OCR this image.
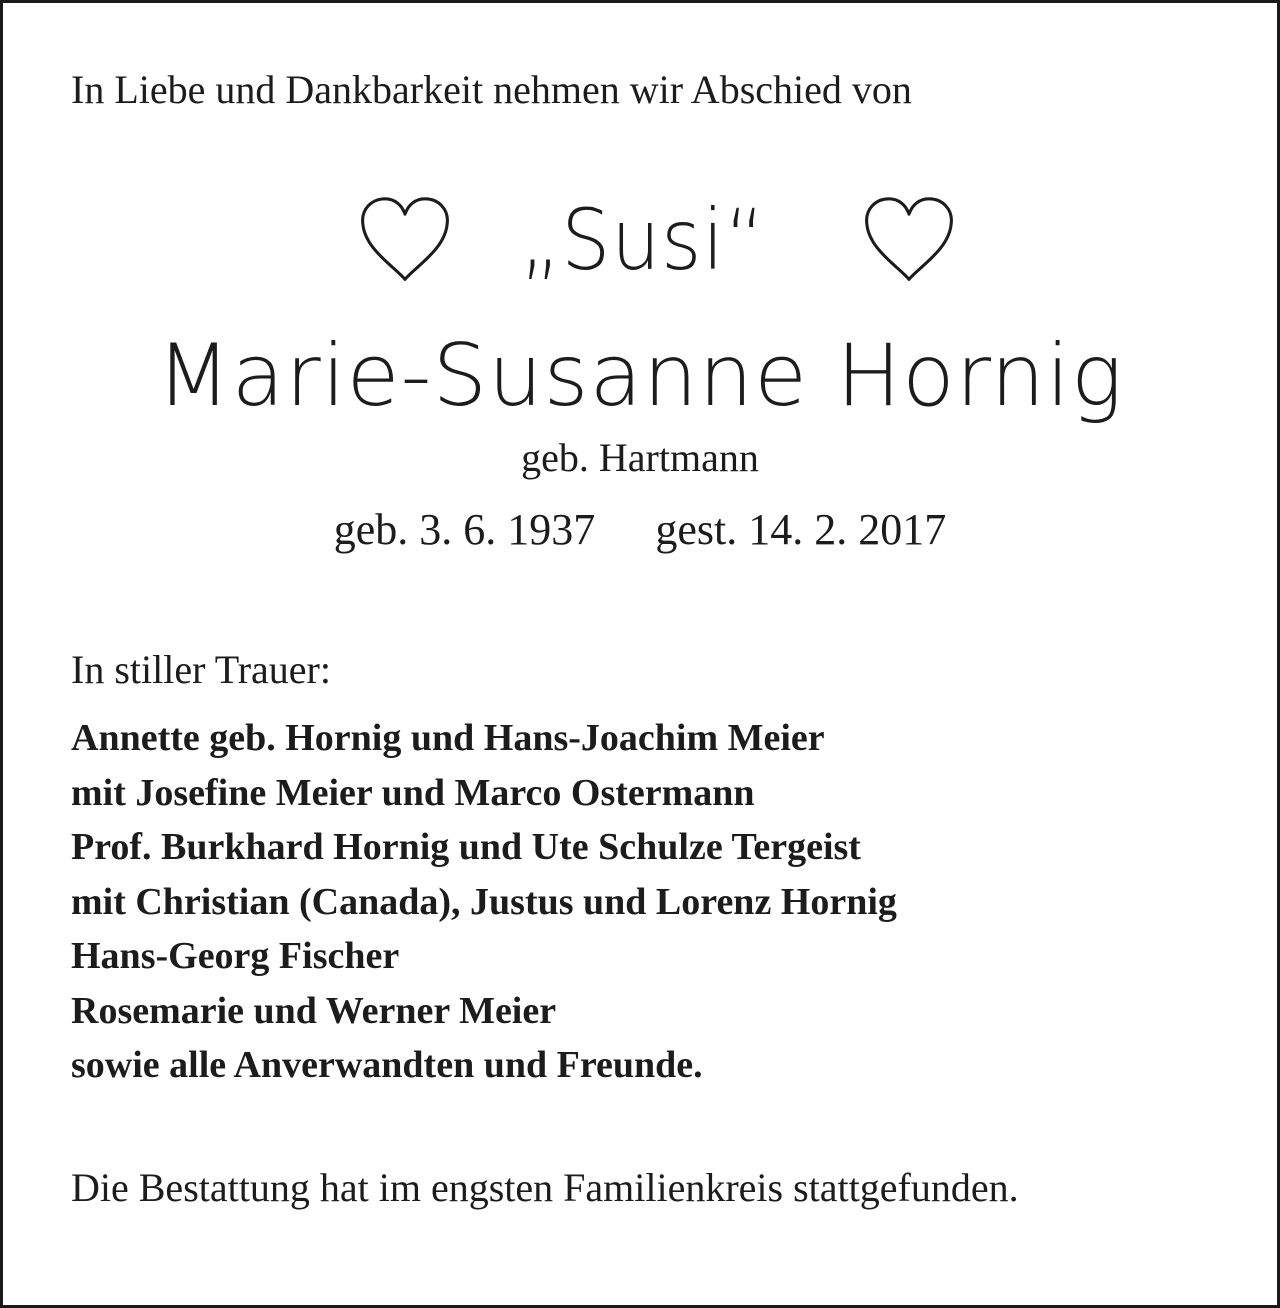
In Liebe und Dankbarkeit nehmen wir Abschied von
„Susi“
Marie-Susanne Hornig
geb. Hartmann
geb. 3. 6. 1937 gest. 14. 2. 2017
In stiller Trauer:
Annette geb. Hornig und Hans-Joachim Meier
mit Josefine Meier und Marco Ostermann
Prof. Burkhard Hornig und Ute Schulze Tergeist
mit Christian (Canada), Justus und Lorenz Hornig
Hans-Georg Fischer
Rosemarie und Werner Meier
sowie alle Anverwandten und Freunde.
Die Bestattung hat im engsten Familienkreis stattgefunden.
